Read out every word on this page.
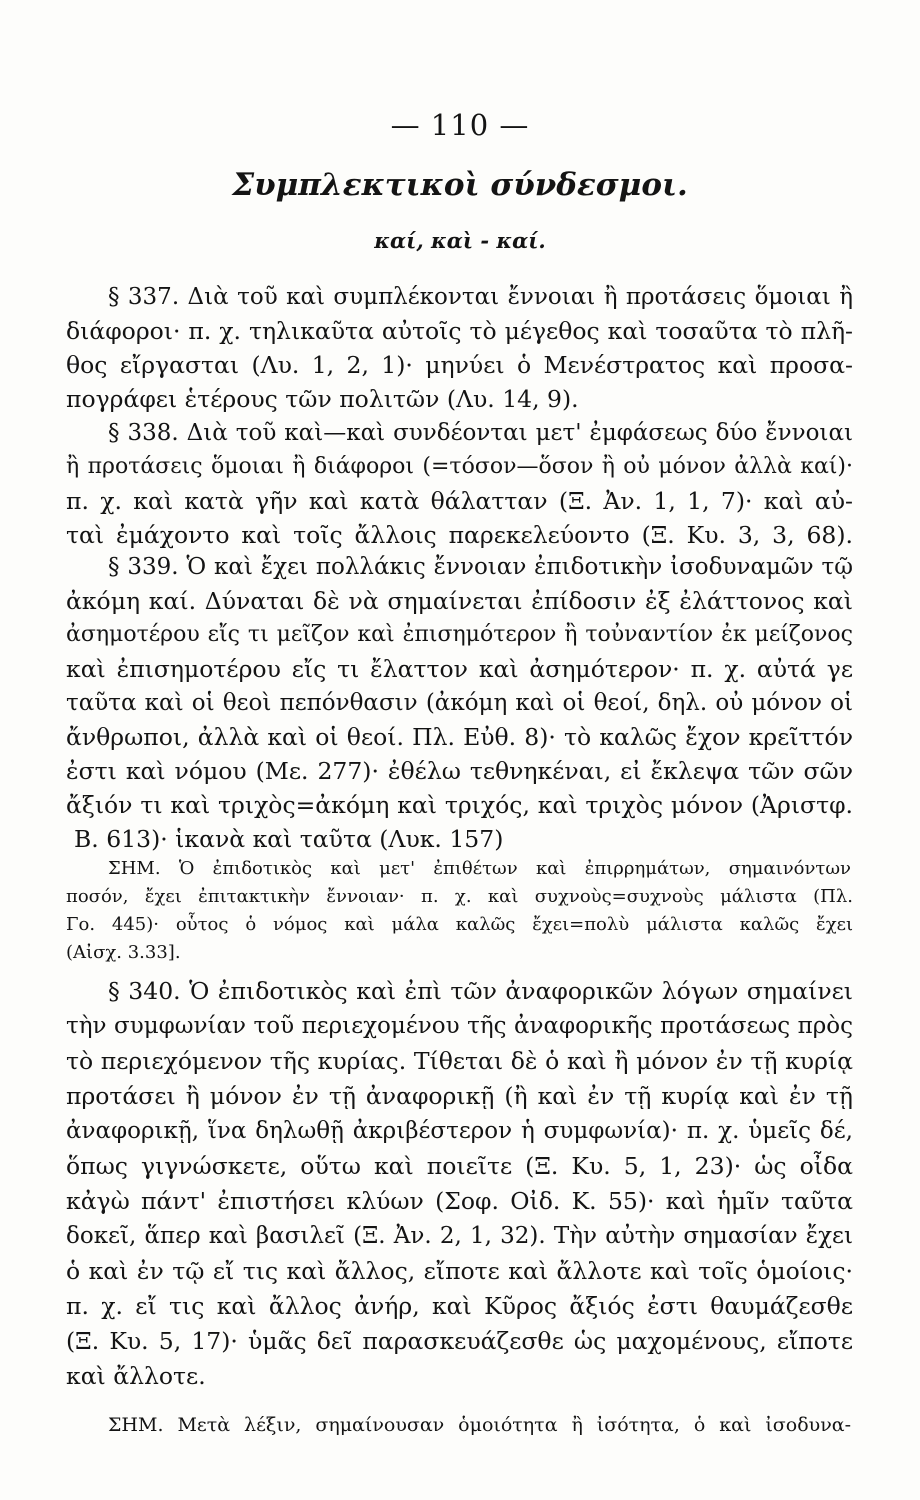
— 110 —
Συμπλεκτικοὶ σύνδεσμοι.
καί, καὶ - καί.
§ 337. Διὰ τοῦ καὶ συμπλέκονται ἔννοιαι ἢ προτάσεις ὅμοιαι ἢ
διάφοροι· π. χ. τηλικαῦτα αὐτοῖς τὸ μέγεθος καὶ τοσαῦτα τὸ πλῆ-
θος εἴργασται (Λυ. 1, 2, 1)· μηνύει ὁ Μενέστρατος καὶ προσα-
πογράφει ἑτέρους τῶν πολιτῶν (Λυ. 14, 9).
§ 338. Διὰ τοῦ καὶ—καὶ συνδέονται μετ' ἐμφάσεως δύο ἔννοιαι
ἢ προτάσεις ὅμοιαι ἢ διάφοροι (=τόσον—ὅσον ἢ οὐ μόνον ἀλλὰ καί)·
π. χ. καὶ κατὰ γῆν καὶ κατὰ θάλατταν (Ξ. Ἀν. 1, 1, 7)· καὶ αὐ-
ταὶ ἐμάχοντο καὶ τοῖς ἄλλοις παρεκελεύοντο (Ξ. Κυ. 3, 3, 68).
§ 339. Ὁ καὶ ἔχει πολλάκις ἔννοιαν ἐπιδοτικὴν ἰσοδυναμῶν τῷ
ἀκόμη καί. Δύναται δὲ νὰ σημαίνεται ἐπίδοσιν ἐξ ἐλάττονος καὶ
ἀσημοτέρου εἴς τι μεῖζον καὶ ἐπισημότερον ἢ τοὐναντίον ἐκ μείζονος
καὶ ἐπισημοτέρου εἴς τι ἔλαττον καὶ ἀσημότερον· π. χ. αὐτά γε
ταῦτα καὶ οἱ θεοὶ πεπόνθασιν (ἀκόμη καὶ οἱ θεοί, δηλ. οὐ μόνον οἱ
ἄνθρωποι, ἀλλὰ καὶ οἱ θεοί. Πλ. Εὐθ. 8)· τὸ καλῶς ἔχον κρεῖττόν
ἐστι καὶ νόμου (Με. 277)· ἐθέλω τεθνηκέναι, εἰ ἔκλεψα τῶν σῶν
ἄξιόν τι καὶ τριχὸς=ἀκόμη καὶ τριχός, καὶ τριχὸς μόνον (Ἀριστφ.
Β. 613)· ἱκανὰ καὶ ταῦτα (Λυκ. 157)
ΣΗΜ. Ὁ ἐπιδοτικὸς καὶ μετ' ἐπιθέτων καὶ ἐπιρρημάτων, σημαινόντων
ποσόν, ἔχει ἐπιτακτικὴν ἔννοιαν· π. χ. καὶ συχνοὺς=συχνοὺς μάλιστα (Πλ.
Γο. 445)· οὗτος ὁ νόμος καὶ μάλα καλῶς ἔχει=πολὺ μάλιστα καλῶς ἔχει
(Αἰσχ. 3.33].
§ 340. Ὁ ἐπιδοτικὸς καὶ ἐπὶ τῶν ἀναφορικῶν λόγων σημαίνει
τὴν συμφωνίαν τοῦ περιεχομένου τῆς ἀναφορικῆς προτάσεως πρὸς
τὸ περιεχόμενον τῆς κυρίας. Τίθεται δὲ ὁ καὶ ἢ μόνον ἐν τῇ κυρίᾳ
προτάσει ἢ μόνον ἐν τῇ ἀναφορικῇ (ἢ καὶ ἐν τῇ κυρίᾳ καὶ ἐν τῇ
ἀναφορικῇ, ἵνα δηλωθῇ ἀκριβέστερον ἡ συμφωνία)· π. χ. ὑμεῖς δέ,
ὅπως γιγνώσκετε, οὕτω καὶ ποιεῖτε (Ξ. Κυ. 5, 1, 23)· ὡς οἶδα
κἀγὼ πάντ' ἐπιστήσει κλύων (Σοφ. Οἰδ. Κ. 55)· καὶ ἡμῖν ταῦτα
δοκεῖ, ἅπερ καὶ βασιλεῖ (Ξ. Ἀν. 2, 1, 32). Τὴν αὐτὴν σημασίαν ἔχει
ὁ καὶ ἐν τῷ εἴ τις καὶ ἄλλος, εἴποτε καὶ ἄλλοτε καὶ τοῖς ὁμοίοις·
π. χ. εἴ τις καὶ ἄλλος ἀνήρ, καὶ Κῦρος ἄξιός ἐστι θαυμάζεσθε
(Ξ. Κυ. 5, 17)· ὑμᾶς δεῖ παρασκευάζεσθε ὡς μαχομένους, εἴποτε
καὶ ἄλλοτε.
ΣΗΜ. Μετὰ λέξιν, σημαίνουσαν ὁμοιότητα ἢ ἰσότητα, ὁ καὶ ἰσοδυνα-
